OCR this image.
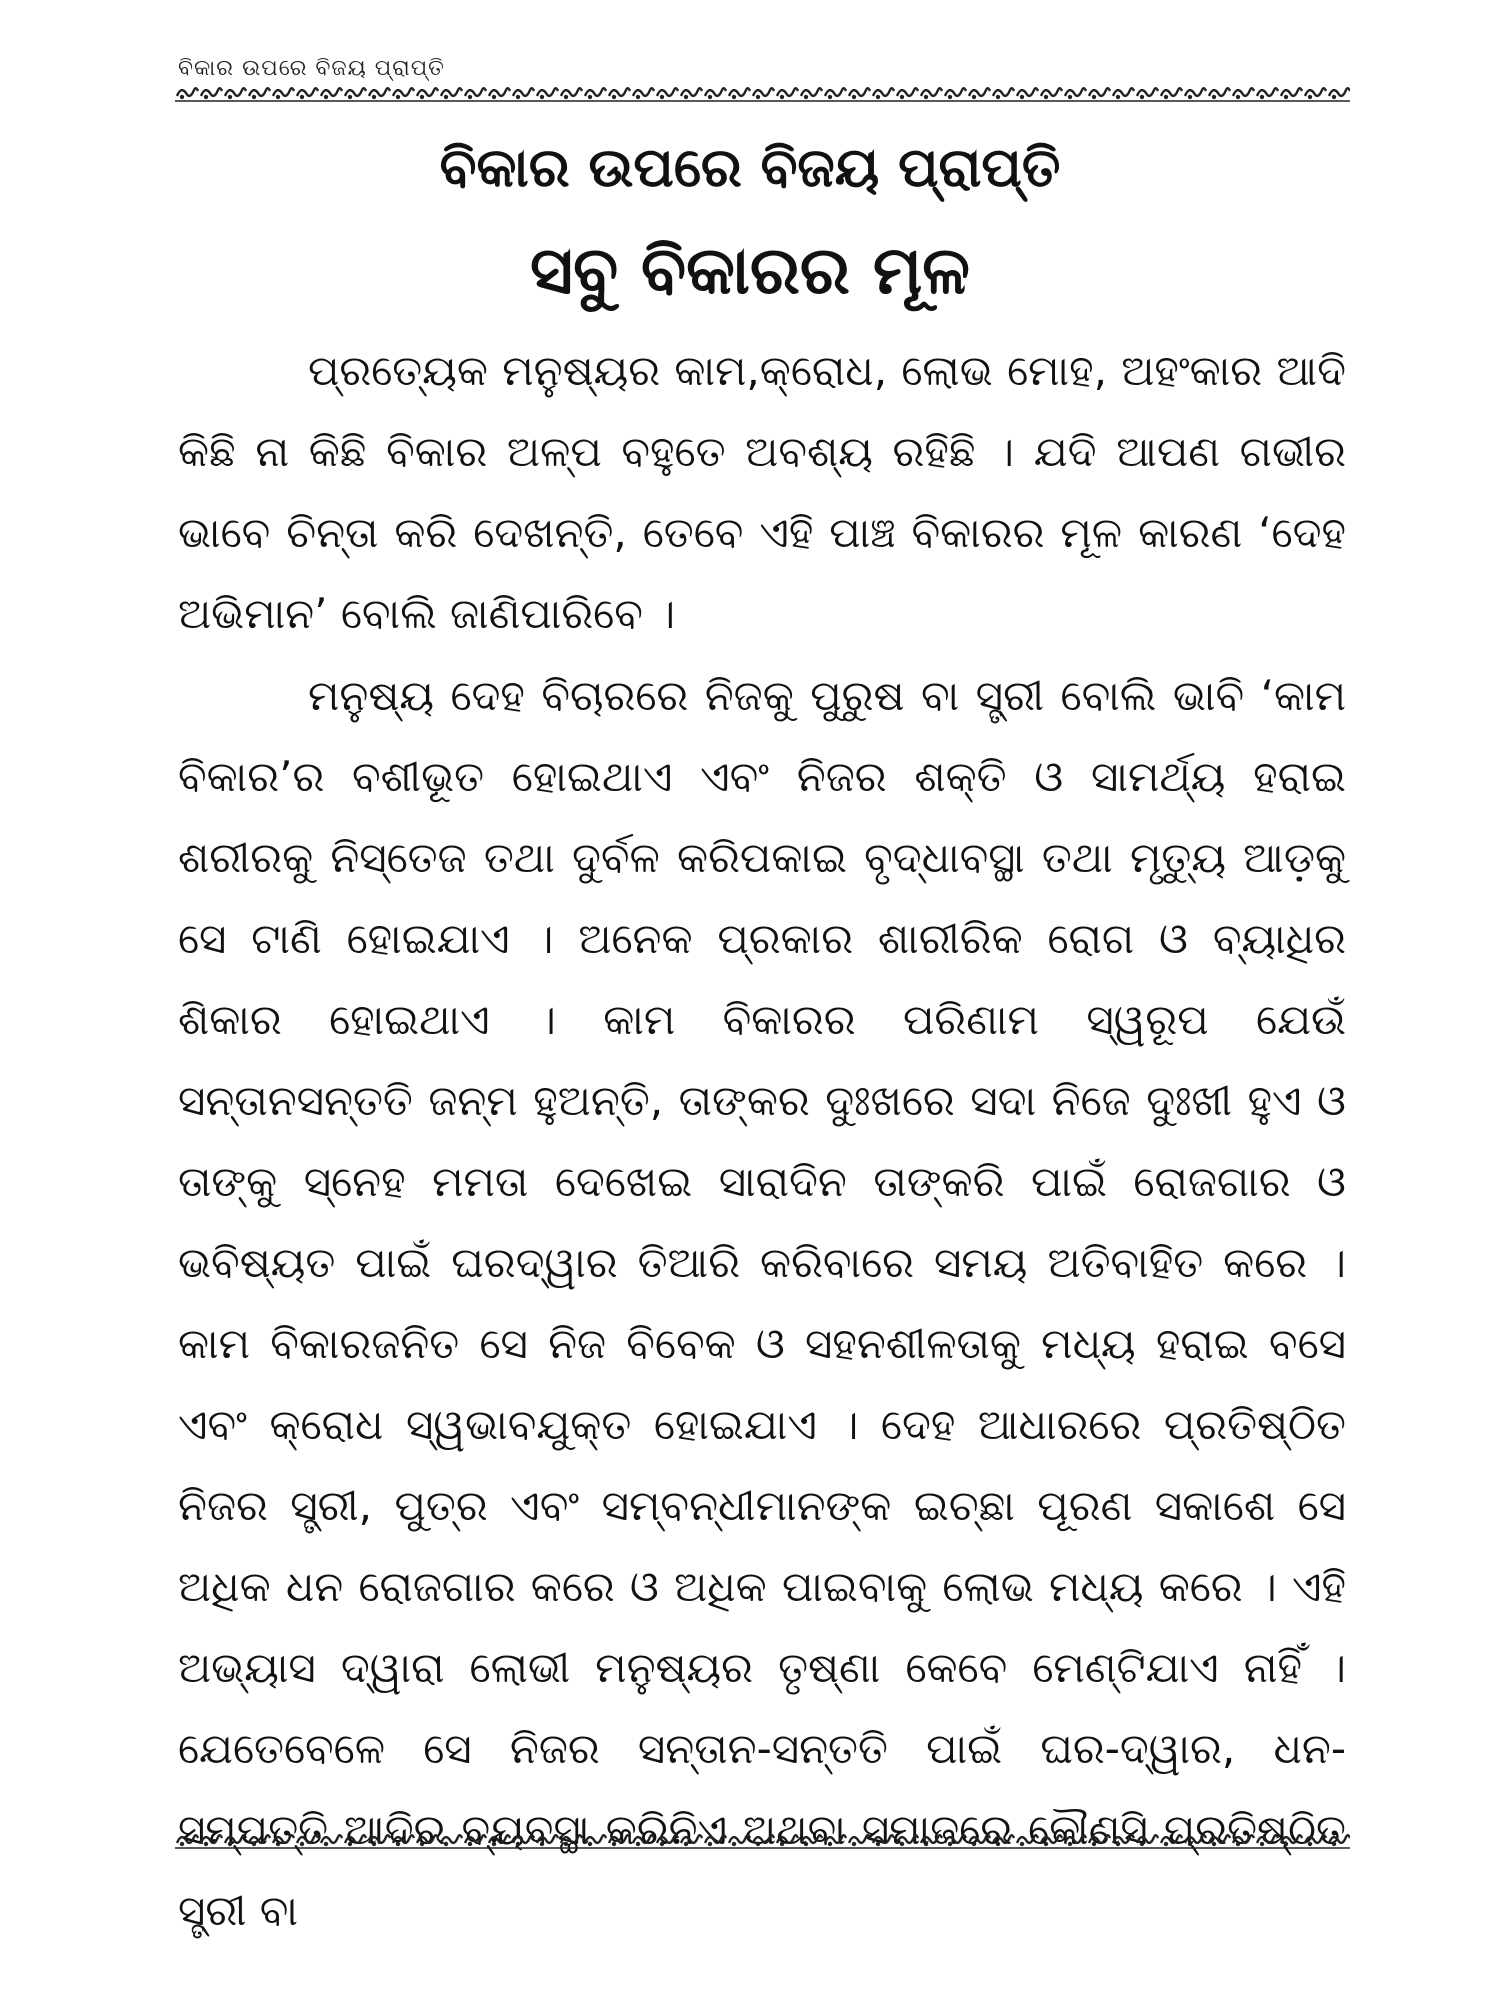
ବିକାର ଉପରେ ବିଜୟ ପ୍ରାପ୍ତି
ବିକାର ଉପରେ ବିଜୟ ପ୍ରାପ୍ତି
ସବୁ ବିକାରର ମୂଳ

ପ୍ରତ୍ୟେକ ମନୁଷ୍ୟର କାମ,କ୍ରୋଧ, ଲୋଭ ମୋହ, ଅହଂକାର ଆଦି କିଛି ନା କିଛି ବିକାର ଅଳ୍ପ ବହୁତେ ଅବଶ୍ୟ ରହିଛି । ଯଦି ଆପଣ ଗଭୀର ଭାବେ ଚିନ୍ତା କରି ଦେଖନ୍ତି, ତେବେ ଏହି ପାଞ୍ଚ ବିକାରର ମୂଳ କାରଣ ‘ଦେହ ଅଭିମାନ’ ବୋଲି ଜାଣିପାରିବେ ।

ମନୁଷ୍ୟ ଦେହ ବିଚାରରେ ନିଜକୁ ପୁରୁଷ ବା ସ୍ତ୍ରୀ ବୋଲି ଭାବି ‘କାମ ବିକାର’ର ବଶୀଭୂତ ହୋଇଥାଏ ଏବଂ ନିଜର ଶକ୍ତି ଓ ସାମର୍ଥ୍ୟ ହରାଇ ଶରୀରକୁ ନିସ୍ତେଜ ତଥା ଦୁର୍ବଳ କରିପକାଇ ବୃଦ୍ଧାବସ୍ଥା ତଥା ମୃତ୍ୟୁ ଆଡ଼କୁ ସେ ଟାଣି ହୋଇଯାଏ । ଅନେକ ପ୍ରକାର ଶାରୀରିକ ରୋଗ ଓ ବ୍ୟାଧିର ଶିକାର ହୋଇଥାଏ । କାମ ବିକାରର ପରିଣାମ ସ୍ୱରୂପ ଯେଉଁ ସନ୍ତାନସନ୍ତତି ଜନ୍ମ ହୁଅନ୍ତି, ତାଙ୍କର ଦୁଃଖରେ ସଦା ନିଜେ ଦୁଃଖୀ ହୁଏ ଓ ତାଙ୍କୁ ସ୍ନେହ ମମତା ଦେଖେଇ ସାରାଦିନ ତାଙ୍କରି ପାଇଁ ରୋଜଗାର ଓ ଭବିଷ୍ୟତ ପାଇଁ ଘରଦ୍ୱାର ତିଆରି କରିବାରେ ସମୟ ଅତିବାହିତ କରେ । କାମ ବିକାରଜନିତ ସେ ନିଜ ବିବେକ ଓ ସହନଶୀଳତାକୁ ମଧ୍ୟ ହରାଇ ବସେ ଏବଂ କ୍ରୋଧ ସ୍ୱଭାବଯୁକ୍ତ ହୋଇଯାଏ । ଦେହ ଆଧାରରେ ପ୍ରତିଷ୍ଠିତ ନିଜର ସ୍ତ୍ରୀ, ପୁତ୍ର ଏବଂ ସମ୍ବନ୍ଧୀମାନଙ୍କ ଇଚ୍ଛା ପୂରଣ ସକାଶେ ସେ ଅଧିକ ଧନ ରୋଜଗାର କରେ ଓ ଅଧିକ ପାଇବାକୁ ଲୋଭ ମଧ୍ୟ କରେ । ଏହି ଅଭ୍ୟାସ ଦ୍ୱାରା ଲୋଭୀ ମନୁଷ୍ୟର ତୃଷ୍ଣା କେବେ ମେଣ୍ଟିଯାଏ ନାହିଁ । ଯେତେବେଳେ ସେ ନିଜର ସନ୍ତାନ-ସନ୍ତତି ପାଇଁ ଘର-ଦ୍ୱାର, ଧନ- ସ୍ତ୍ରୀ ବା
